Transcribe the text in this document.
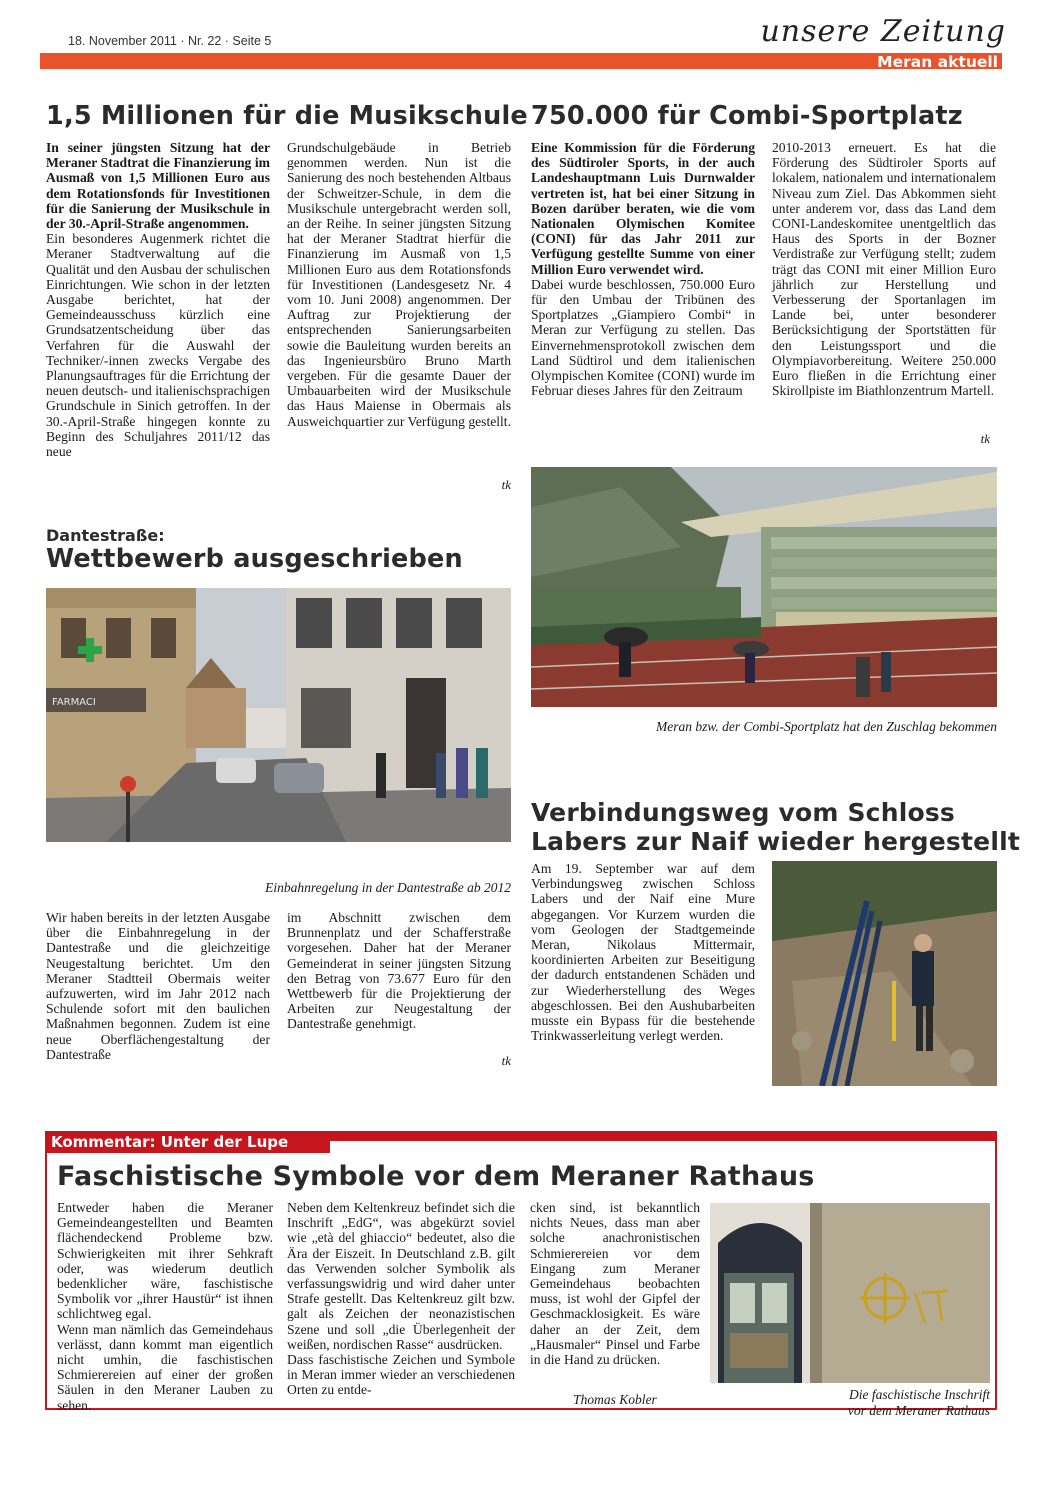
18. November 2011 · Nr. 22 · Seite 5	unsere Zeitung
Meran aktuell
1,5 Millionen für die Musikschule
In seiner jüngsten Sitzung hat der Meraner Stadtrat die Finanzierung im Ausmaß von 1,5 Millionen Euro aus dem Rotationsfonds für Investitionen für die Sanierung der Musikschule in der 30.-April-Straße angenommen.
Ein besonderes Augenmerk richtet die Meraner Stadtverwaltung auf die Qualität und den Ausbau der schulischen Einrichtungen. Wie schon in der letzten Ausgabe berichtet, hat der Gemeindeausschuss kürzlich eine Grundsatzentscheidung über das Verfahren für die Auswahl der Techniker/-innen zwecks Vergabe des Planungsauftrages für die Errichtung der neuen deutsch- und italienischsprachigen Grundschule in Sinich getroffen. In der 30.-April-Straße hingegen konnte zu Beginn des Schuljahres 2011/12 das neue
Grundschulgebäude in Betrieb genommen werden. Nun ist die Sanierung des noch bestehenden Altbaus der Schweitzer-Schule, in dem die Musikschule untergebracht werden soll, an der Reihe. In seiner jüngsten Sitzung hat der Meraner Stadtrat hierfür die Finanzierung im Ausmaß von 1,5 Millionen Euro aus dem Rotationsfonds für Investitionen (Landesgesetz Nr. 4 vom 10. Juni 2008) angenommen. Der Auftrag zur Projektierung der entsprechenden Sanierungsarbeiten sowie die Bauleitung wurden bereits an das Ingenieursbüro Bruno Marth vergeben. Für die gesamte Dauer der Umbauarbeiten wird der Musikschule das Haus Maiense in Obermais als Ausweichquartier zur Verfügung gestellt.
tk
750.000 für Combi-Sportplatz
Eine Kommission für die Förderung des Südtiroler Sports, in der auch Landeshauptmann Luis Durnwalder vertreten ist, hat bei einer Sitzung in Bozen darüber beraten, wie die vom Nationalen Olymischen Komitee (CONI) für das Jahr 2011 zur Verfügung gestellte Summe von einer Million Euro verwendet wird.
Dabei wurde beschlossen, 750.000 Euro für den Umbau der Tribünen des Sportplatzes „Giampiero Combi“ in Meran zur Verfügung zu stellen. Das Einvernehmensprotokoll zwischen dem Land Südtirol und dem italienischen Olympischen Komitee (CONI) wurde im Februar dieses Jahres für den Zeitraum
2010-2013 erneuert. Es hat die Förderung des Südtiroler Sports auf lokalem, nationalem und internationalem Niveau zum Ziel. Das Abkommen sieht unter anderem vor, dass das Land dem CONI-Landeskomitee unentgeltlich das Haus des Sports in der Bozner Verdistraße zur Verfügung stellt; zudem trägt das CONI mit einer Million Euro jährlich zur Herstellung und Verbesserung der Sportanlagen im Lande bei, unter besonderer Berücksichtigung der Sportstätten für den Leistungssport und die Olympiavorbereitung. Weitere 250.000 Euro fließen in die Errichtung einer Skirollpiste im Biathlonzentrum Martell.
tk
Meran bzw. der Combi-Sportplatz hat den Zuschlag bekommen
Dantestraße:
Wettbewerb ausgeschrieben
FARMACI
Einbahnregelung in der Dantestraße ab 2012
Wir haben bereits in der letzten Ausgabe über die Einbahnregelung in der Dantestraße und die gleichzeitige Neugestaltung berichtet. Um den Meraner Stadtteil Obermais weiter aufzuwerten, wird im Jahr 2012 nach Schulende sofort mit den baulichen Maßnahmen begonnen. Zudem ist eine neue Oberflächengestaltung der Dantestraße
im Abschnitt zwischen dem Brunnenplatz und der Schafferstraße vorgesehen. Daher hat der Meraner Gemeinderat in seiner jüngsten Sitzung den Betrag von 73.677 Euro für den Wettbewerb für die Projektierung der Arbeiten zur Neugestaltung der Dantestraße genehmigt.
tk
Verbindungsweg vom Schloss
Labers zur Naif wieder hergestellt
Am 19. September war auf dem Verbindungsweg zwischen Schloss Labers und der Naif eine Mure abgegangen. Vor Kurzem wurden die vom Geologen der Stadtgemeinde Meran, Nikolaus Mittermair, koordinierten Arbeiten zur Beseitigung der dadurch entstandenen Schäden und zur Wiederherstellung des Weges abgeschlossen. Bei den Aushubarbeiten musste ein Bypass für die bestehende Trinkwasserleitung verlegt werden.
Kommentar: Unter der Lupe
Faschistische Symbole vor dem Meraner Rathaus
Entweder haben die Meraner Gemeindeangestellten und Beamten flächendeckend Probleme bzw. Schwierigkeiten mit ihrer Sehkraft oder, was wiederum deutlich bedenklicher wäre, faschistische Symbolik vor „ihrer Haustür“ ist ihnen schlichtweg egal.
Wenn man nämlich das Gemeindehaus verlässt, dann kommt man eigentlich nicht umhin, die faschistischen Schmierereien auf einer der großen Säulen in den Meraner Lauben zu sehen.
Neben dem Keltenkreuz befindet sich die Inschrift „EdG“, was abgekürzt soviel wie „età del ghiaccio“ bedeutet, also die Ära der Eiszeit. In Deutschland z.B. gilt das Verwenden solcher Symbolik als verfassungswidrig und wird daher unter Strafe gestellt. Das Keltenkreuz gilt bzw. galt als Zeichen der neonazistischen Szene und soll „die Überlegenheit der weißen, nordischen Rasse“ ausdrücken.
Dass faschistische Zeichen und Symbole in Meran immer wieder an verschiedenen Orten zu entde-
cken sind, ist bekanntlich nichts Neues, dass man aber solche anachronistischen Schmierereien vor dem Eingang zum Meraner Gemeindehaus beobachten muss, ist wohl der Gipfel der Geschmacklosigkeit. Es wäre daher an der Zeit, dem „Hausmaler“ Pinsel und Farbe in die Hand zu drücken.
Thomas Kobler	Die faschistische Inschrift
vor dem Meraner Rathaus
